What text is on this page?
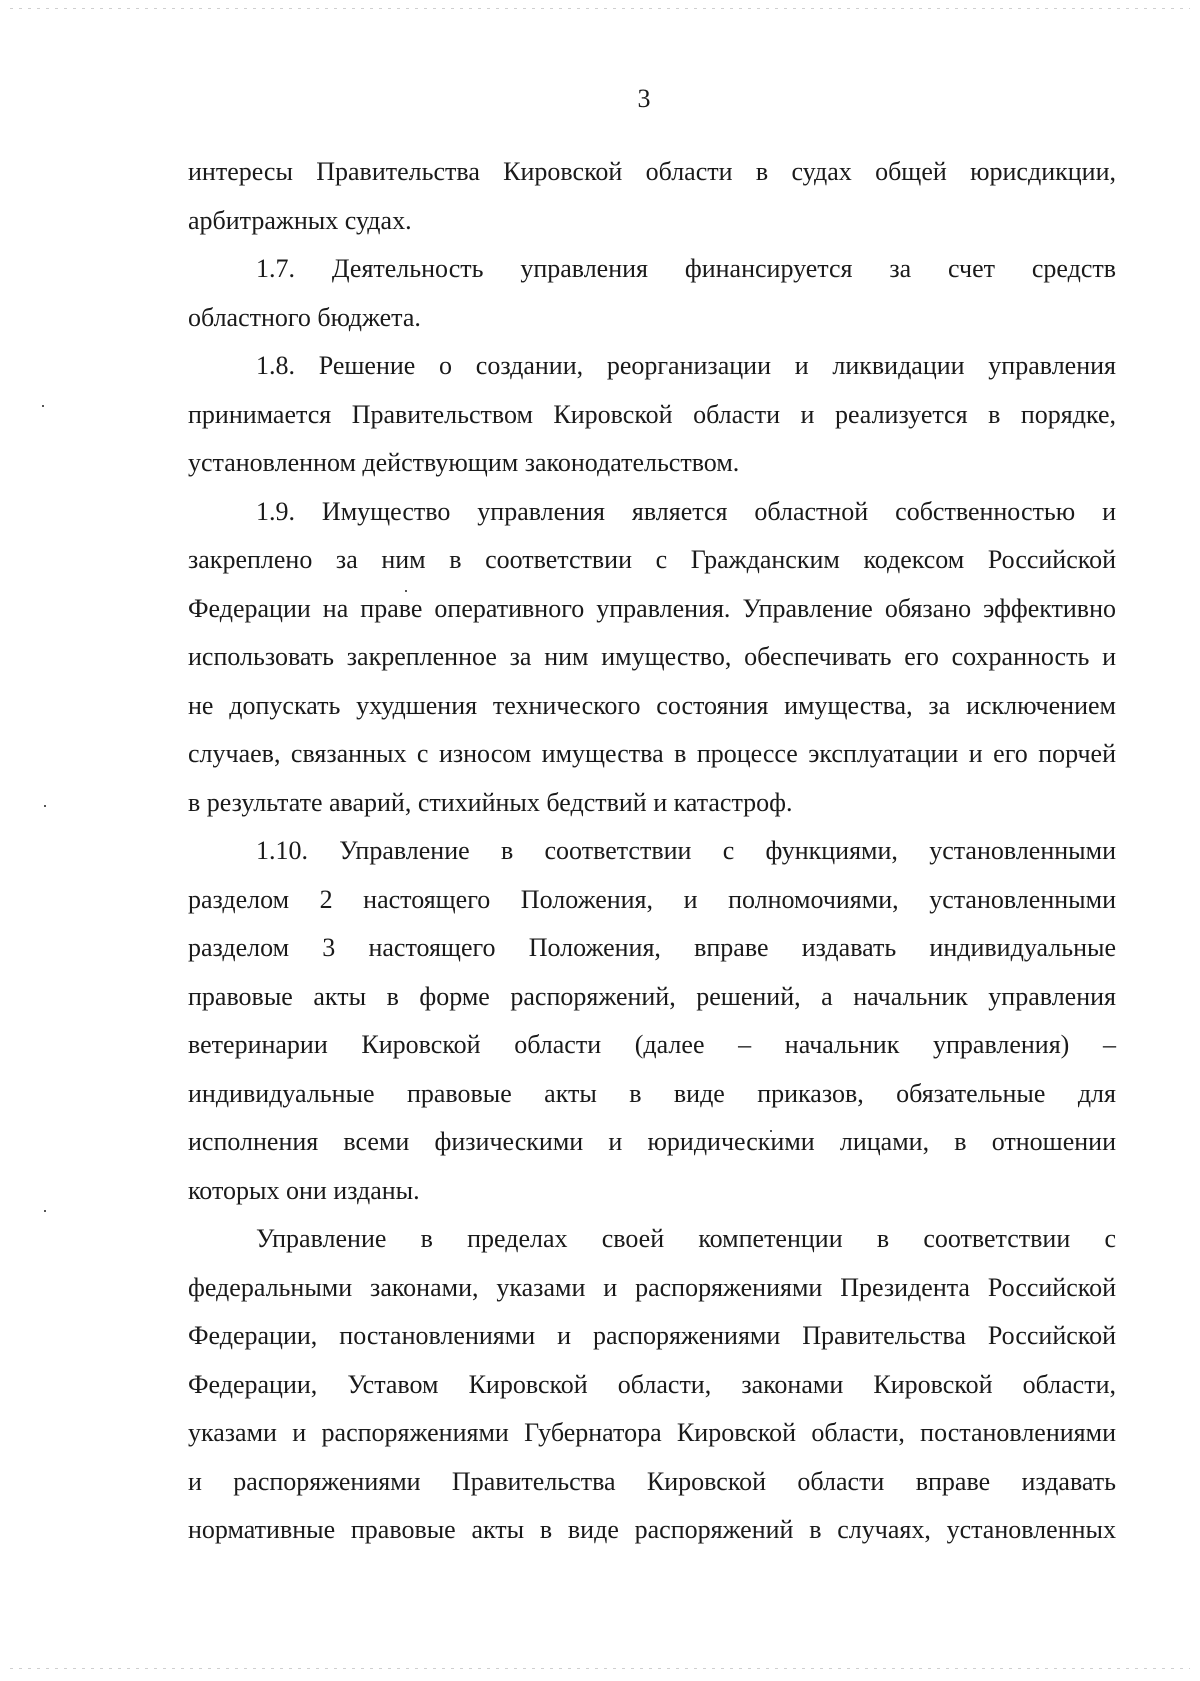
3

интересы Правительства Кировской области в судах общей юрисдикции,
арбитражных судах.

1.7. Деятельность управления финансируется за счет средств
областного бюджета.

1.8. Решение о создании, реорганизации и ликвидации управления
принимается Правительством Кировской области и реализуется в порядке,
установленном действующим законодательством.

1.9. Имущество управления является областной собственностью и
закреплено за ним в соответствии с Гражданским кодексом Российской
Федерации на праве оперативного управления. Управление обязано эффективно
использовать закрепленное за ним имущество, обеспечивать его сохранность и
не допускать ухудшения технического состояния имущества, за исключением
случаев, связанных с износом имущества в процессе эксплуатации и его порчей
в результате аварий, стихийных бедствий и катастроф.

1.10. Управление в соответствии с функциями, установленными
разделом 2 настоящего Положения, и полномочиями, установленными
разделом 3 настоящего Положения, вправе издавать индивидуальные
правовые акты в форме распоряжений, решений, а начальник управления
ветеринарии Кировской области (далее – начальник управления) –
индивидуальные правовые акты в виде приказов, обязательные для
исполнения всеми физическими и юридическими лицами, в отношении
которых они изданы.

Управление в пределах своей компетенции в соответствии с
федеральными законами, указами и распоряжениями Президента Российской
Федерации, постановлениями и распоряжениями Правительства Российской
Федерации, Уставом Кировской области, законами Кировской области,
указами и распоряжениями Губернатора Кировской области, постановлениями
и распоряжениями Правительства Кировской области вправе издавать
нормативные правовые акты в виде распоряжений в случаях, установленных
